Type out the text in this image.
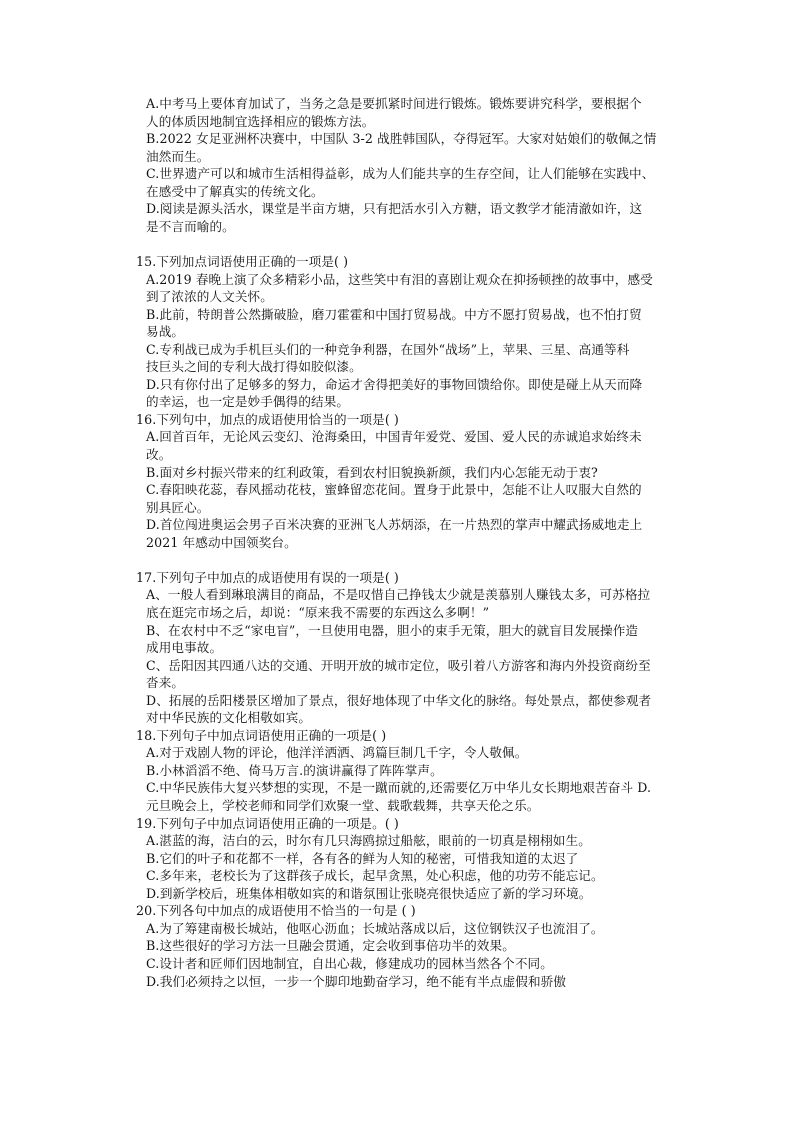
A.中考马上要体育加试了，当务之急是要抓紧时间进行锻炼。锻炼要讲究科学，要根据个
人的体质因地制宜选择相应的锻炼方法。
B.2022 女足亚洲杯决赛中，中国队 3-2 战胜韩国队，夺得冠军。大家对姑娘们的敬佩之情
油然而生。
C.世界遗产可以和城市生活相得益彰，成为人们能共享的生存空间，让人们能够在实践中、
在感受中了解真实的传统文化。
D.阅读是源头活水，课堂是半亩方塘，只有把活水引入方糖，语文教学才能清澈如许，这
是不言而喻的。
15.下列加点词语使用正确的一项是( )
A.2019 春晚上演了众多精彩小品，这些笑中有泪的喜剧让观众在抑扬顿挫的故事中，感受
到了浓浓的人文关怀。
B.此前，特朗普公然撕破脸，磨刀霍霍和中国打贸易战。中方不愿打贸易战，也不怕打贸
易战。
C.专利战已成为手机巨头们的一种竞争利器，在国外“战场”上，苹果、三星、高通等科
技巨头之间的专利大战打得如胶似漆。
D.只有你付出了足够多的努力，命运才舍得把美好的事物回馈给你。即使是碰上从天而降
的幸运，也一定是妙手偶得的结果。
16.下列句中，加点的成语使用恰当的一项是( )
A.回首百年，无论风云变幻、沧海桑田，中国青年爱党、爱国、爱人民的赤诚追求始终未
改。
B.面对乡村振兴带来的红利政策，看到农村旧貌换新颜，我们内心怎能无动于衷?
C.春阳映花蕊，春风摇动花枝，蜜蜂留恋花间。置身于此景中，怎能不让人叹服大自然的
别具匠心。
D.首位闯进奥运会男子百米决赛的亚洲飞人苏炳添，在一片热烈的掌声中耀武扬威地走上
2021 年感动中国领奖台。
17.下列句子中加点的成语使用有误的一项是( )
A、一般人看到琳琅满目的商品，不是叹惜自己挣钱太少就是羡慕别人赚钱太多，可苏格拉
底在逛完市场之后，却说：“原来我不需要的东西这么多啊！”
B、在农村中不乏“家电盲”，一旦使用电器，胆小的束手无策，胆大的就盲目发展操作造
成用电事故。
C、岳阳因其四通八达的交通、开明开放的城市定位，吸引着八方游客和海内外投资商纷至
沓来。
D、拓展的岳阳楼景区增加了景点，很好地体现了中华文化的脉络。每处景点，都使参观者
对中华民族的文化相敬如宾。
18.下列句子中加点词语使用正确的一项是( )
A.对于戏剧人物的评论，他洋洋洒洒、鸿篇巨制几千字，令人敬佩。
B.小林滔滔不绝、倚马万言.的演讲赢得了阵阵掌声。
C.中华民族伟大复兴梦想的实现，不是一蹴而就的,还需要亿万中华儿女长期地艰苦奋斗 D.
元旦晚会上，学校老师和同学们欢聚一堂、载歌载舞，共享天伦之乐。
19.下列句子中加点词语使用正确的一项是。( )
A.湛蓝的海，洁白的云，时尔有几只海鸥掠过船舷，眼前的一切真是栩栩如生。
B.它们的叶子和花都不一样，各有各的鲜为人知的秘密，可惜我知道的太迟了
C.多年来，老校长为了这群孩子成长，起早贪黑，处心积虑，他的功劳不能忘记。
D.到新学校后，班集体相敬如宾的和谐氛围让张晓亮很快适应了新的学习环境。
20.下列各句中加点的成语使用不恰当的一句是 ( )
A.为了筹建南极长城站，他呕心沥血；长城站落成以后，这位钢铁汉子也流泪了。
B.这些很好的学习方法一旦融会贯通，定会收到事倍功半的效果。
C.设计者和匠师们因地制宜，自出心裁，修建成功的园林当然各个不同。
D.我们必须持之以恒，一步一个脚印地勤奋学习，绝不能有半点虚假和骄傲
